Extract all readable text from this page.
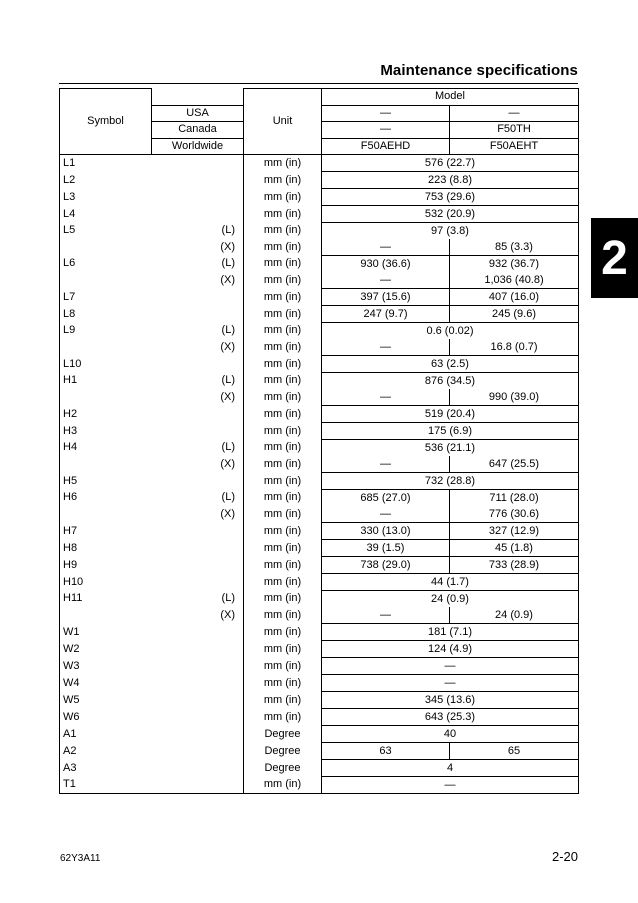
Maintenance specifications
Symbol		Unit	Model	
	USA		—	—
	Canada		—	F50TH
	Worldwide		F50AEHD	F50AEHT
L1		mm (in)	576 (22.7)	
L2		mm (in)	223 (8.8)	
L3		mm (in)	753 (29.6)	
L4		mm (in)	532 (20.9)	
L5	(L)	mm (in)	97 (3.8)	
	(X)	mm (in)	—	85 (3.3)
L6	(L)	mm (in)	930 (36.6)	932 (36.7)
	(X)	mm (in)	—	1,036 (40.8)
L7		mm (in)	397 (15.6)	407 (16.0)
L8		mm (in)	247 (9.7)	245 (9.6)
L9	(L)	mm (in)	0.6 (0.02)	
	(X)	mm (in)	—	16.8 (0.7)
L10		mm (in)	63 (2.5)	
H1	(L)	mm (in)	876 (34.5)	
	(X)	mm (in)	—	990 (39.0)
H2		mm (in)	519 (20.4)	
H3		mm (in)	175 (6.9)	
H4	(L)	mm (in)	536 (21.1)	
	(X)	mm (in)	—	647 (25.5)
H5		mm (in)	732 (28.8)	
H6	(L)	mm (in)	685 (27.0)	711 (28.0)
	(X)	mm (in)	—	776 (30.6)
H7		mm (in)	330 (13.0)	327 (12.9)
H8		mm (in)	39 (1.5)	45 (1.8)
H9		mm (in)	738 (29.0)	733 (28.9)
H10		mm (in)	44 (1.7)	
H11	(L)	mm (in)	24 (0.9)	
	(X)	mm (in)	—	24 (0.9)
W1		mm (in)	181 (7.1)	
W2		mm (in)	124 (4.9)	
W3		mm (in)	—	
W4		mm (in)	—	
W5		mm (in)	345 (13.6)	
W6		mm (in)	643 (25.3)	
A1		Degree	40	
A2		Degree	63	65
A3		Degree	4	
T1		mm (in)	—	
2
62Y3A11	2-20
